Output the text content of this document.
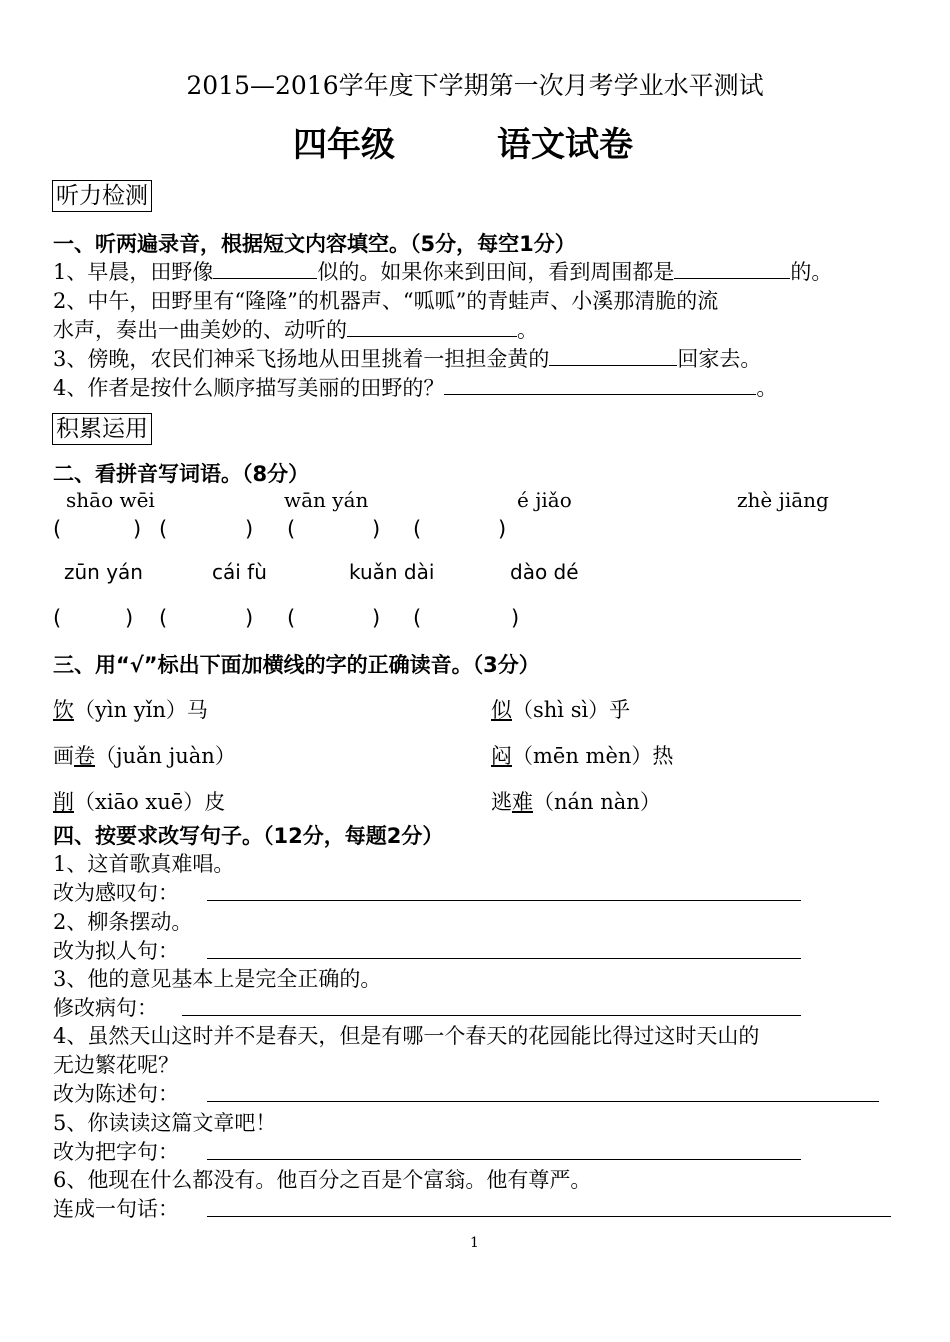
2015—2016学年度下学期第一次月考学业水平测试
四年级	语文试卷
听力检测
一、听两遍录音，根据短文内容填空。（5分，每空1分）
1、早晨，田野像	似的。如果你来到田间，看到周围都是	的。
2、中午，田野里有“隆隆”的机器声、“呱呱”的青蛙声、小溪那清脆的流
水声，奏出一曲美妙的、动听的	。
3、傍晚，农民们神采飞扬地从田里挑着一担担金黄的	回家去。
4、作者是按什么顺序描写美丽的田野的？	。
积累运用
二、看拼音写词语。（8分）
shāo wēi	wān yán	é jiǎo	zhè jiāng
(	) (	) (	) (	)
zūn yán	cái fù	kuǎn dài	dào dé
(	) (	) (	) (	)
三、用“√”标出下面加横线的字的正确读音。（3分）
饮（yìn yǐn）马	似（shì sì）乎
画卷（juǎn juàn）	闷（mēn mèn）热
削（xiāo xuē）皮	逃难（nán nàn）
四、按要求改写句子。（12分，每题2分）
1、这首歌真难唱。
改为感叹句：
2、柳条摆动。
改为拟人句：
3、他的意见基本上是完全正确的。
修改病句：
4、虽然天山这时并不是春天，但是有哪一个春天的花园能比得过这时天山的
无边繁花呢？
改为陈述句：
5、你读读这篇文章吧！
改为把字句：
6、他现在什么都没有。他百分之百是个富翁。他有尊严。
连成一句话：
1
